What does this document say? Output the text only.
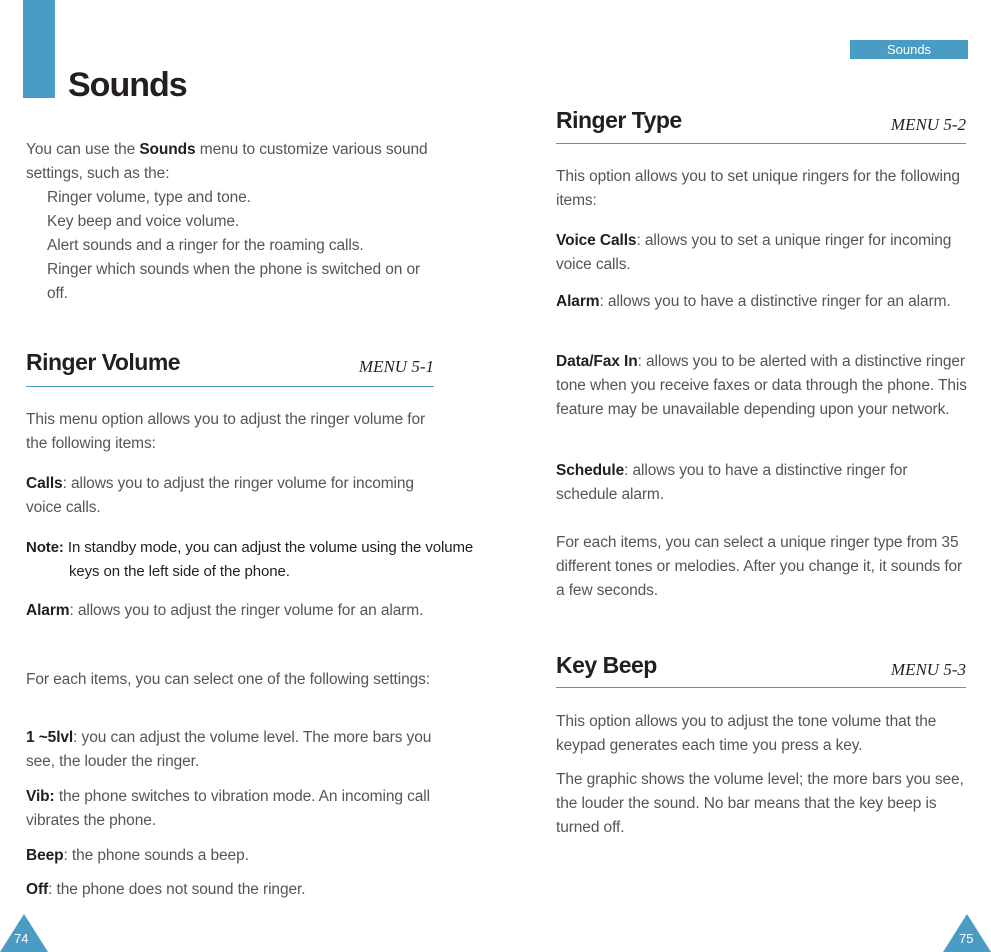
Sounds
Sounds
You can use the Sounds menu to customize various sound settings, such as the:
Ringer volume, type and tone.
Key beep and voice volume.
Alert sounds and a ringer for the roaming calls.
Ringer which sounds when the phone is switched on or off.
Ringer Volume	MENU 5-1
This menu option allows you to adjust the ringer volume for the following items:
Calls: allows you to adjust the ringer volume for incoming voice calls.
Note: In standby mode, you can adjust the volume using the volume keys on the left side of the phone.
Alarm: allows you to adjust the ringer volume for an alarm.
For each items, you can select one of the following settings:
1 ~5lvl: you can adjust the volume level. The more bars you see, the louder the ringer.
Vib: the phone switches to vibration mode. An incoming call vibrates the phone.
Beep: the phone sounds a beep.
Off: the phone does not sound the ringer.
Ringer Type	MENU 5-2
This option allows you to set unique ringers for the following items:
Voice Calls: allows you to set a unique ringer for incoming voice calls.
Alarm: allows you to have a distinctive ringer for an alarm.
Data/Fax In: allows you to be alerted with a distinctive ringer tone when you receive faxes or data through the phone. This feature may be unavailable depending upon your network.
Schedule: allows you to have a distinctive ringer for schedule alarm.
For each items, you can select a unique ringer type from 35 different tones or melodies. After you change it, it sounds for a few seconds.
Key Beep	MENU 5-3
This option allows you to adjust the tone volume that the keypad generates each time you press a key.
The graphic shows the volume level; the more bars you see, the louder the sound. No bar means that the key beep is turned off.
74	75
